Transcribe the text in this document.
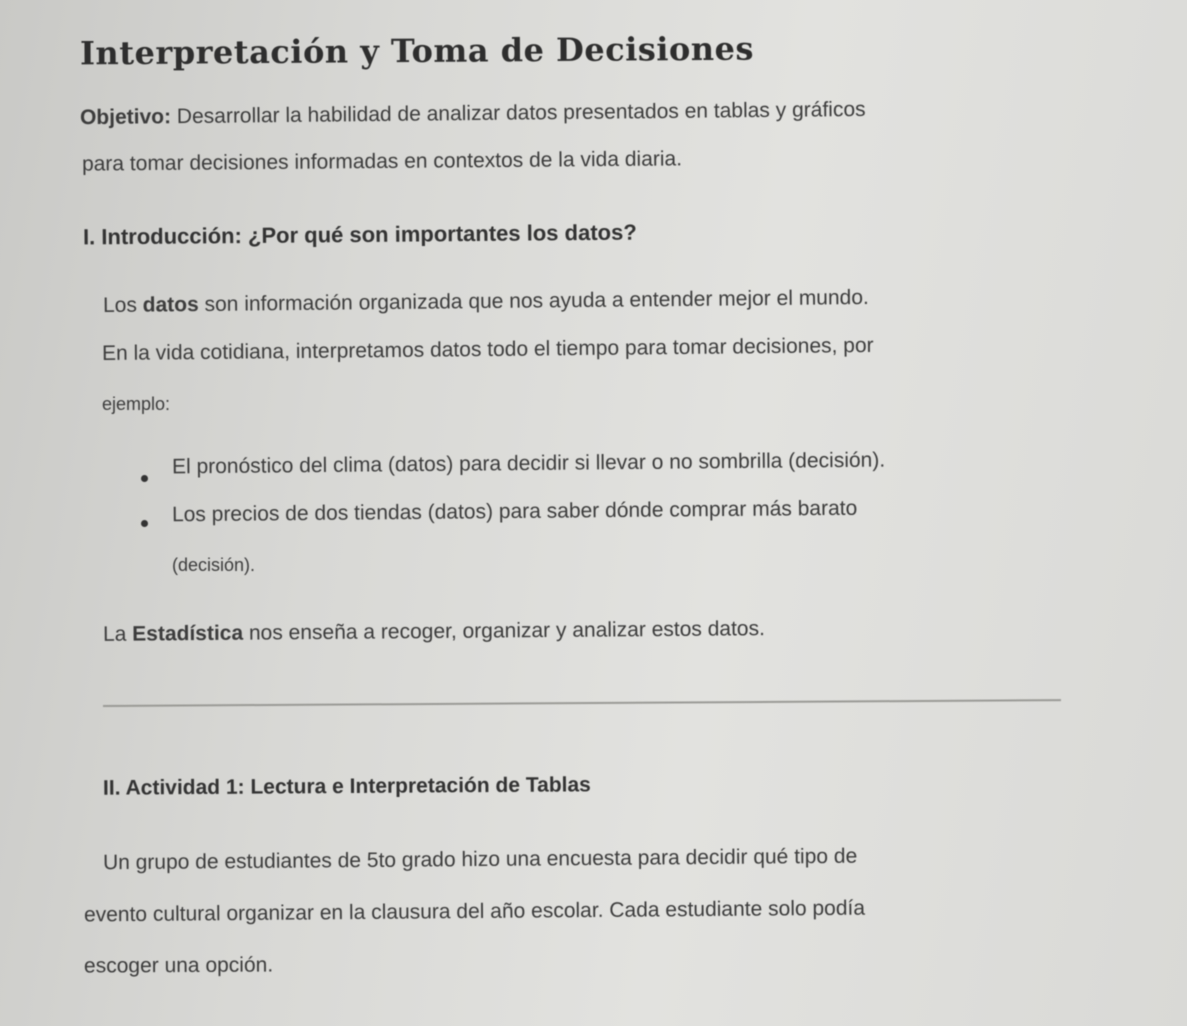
Interpretación y Toma de Decisiones
Objetivo: Desarrollar la habilidad de analizar datos presentados en tablas y gráficos
para tomar decisiones informadas en contextos de la vida diaria.
I. Introducción: ¿Por qué son importantes los datos?
Los datos son información organizada que nos ayuda a entender mejor el mundo.
En la vida cotidiana, interpretamos datos todo el tiempo para tomar decisiones, por
ejemplo:
El pronóstico del clima (datos) para decidir si llevar o no sombrilla (decisión).
Los precios de dos tiendas (datos) para saber dónde comprar más barato
(decisión).
La Estadística nos enseña a recoger, organizar y analizar estos datos.
II. Actividad 1: Lectura e Interpretación de Tablas
Un grupo de estudiantes de 5to grado hizo una encuesta para decidir qué tipo de
evento cultural organizar en la clausura del año escolar. Cada estudiante solo podía
escoger una opción.
